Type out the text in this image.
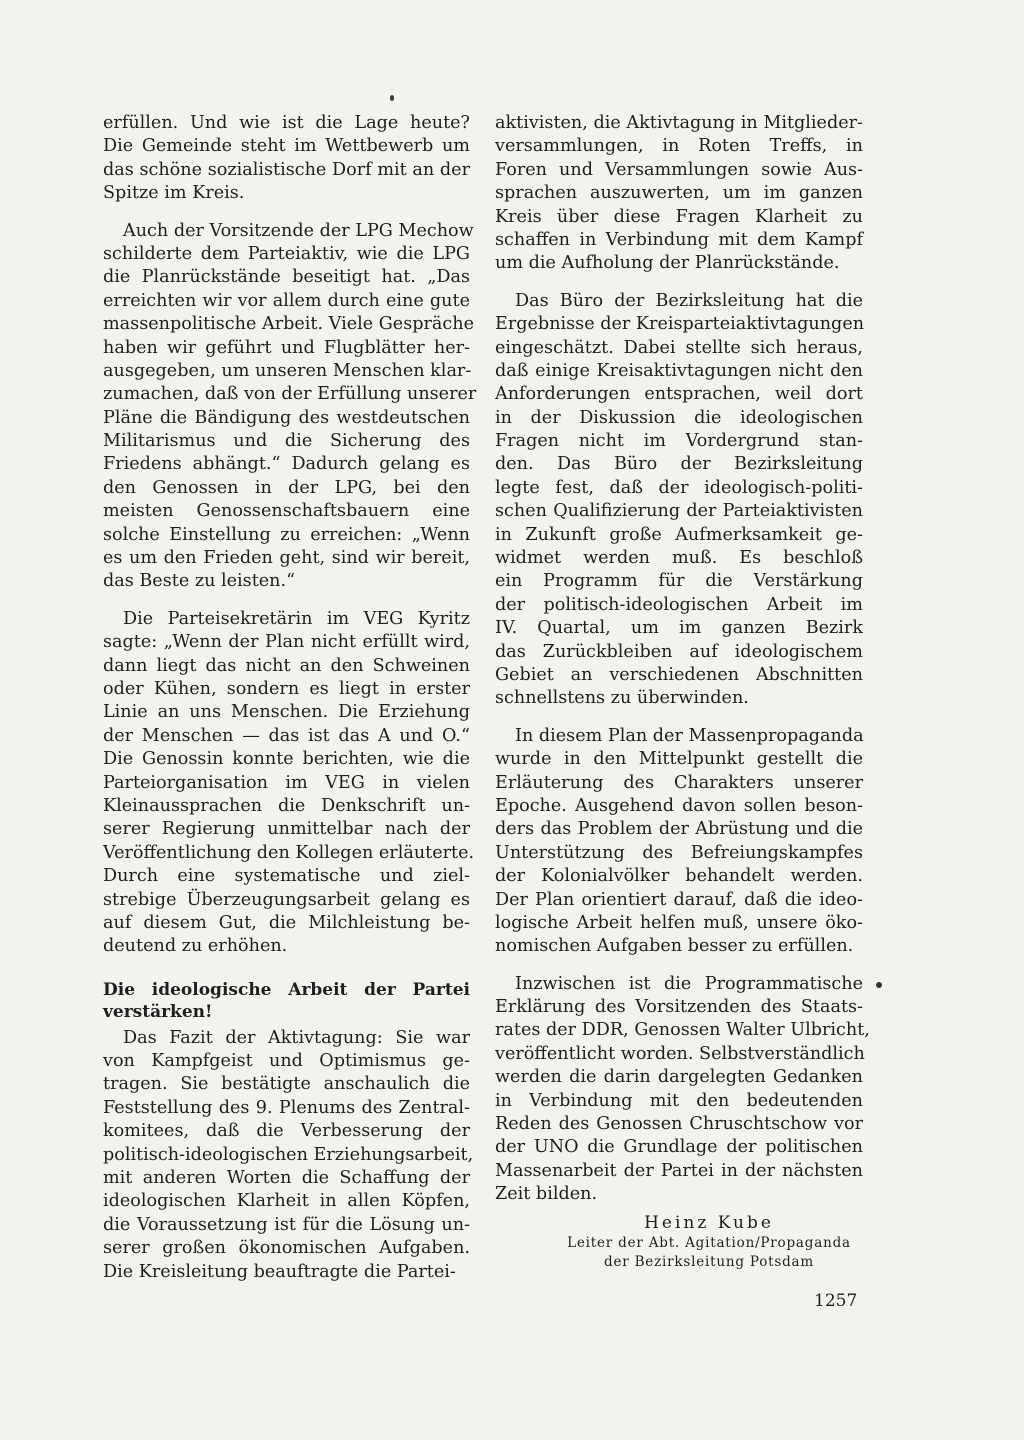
erfüllen. Und wie ist die Lage heute?
Die Gemeinde steht im Wettbewerb um
das schöne sozialistische Dorf mit an der
Spitze im Kreis.
Auch der Vorsitzende der LPG Mechow
schilderte dem Parteiaktiv, wie die LPG
die Planrückstände beseitigt hat. „Das
erreichten wir vor allem durch eine gute
massenpolitische Arbeit. Viele Gespräche
haben wir geführt und Flugblätter her-
ausgegeben, um unseren Menschen klar-
zumachen, daß von der Erfüllung unserer
Pläne die Bändigung des westdeutschen
Militarismus und die Sicherung des
Friedens abhängt.“ Dadurch gelang es
den Genossen in der LPG, bei den
meisten Genossenschaftsbauern eine
solche Einstellung zu erreichen: „Wenn
es um den Frieden geht, sind wir bereit,
das Beste zu leisten.“
Die Parteisekretärin im VEG Kyritz
sagte: „Wenn der Plan nicht erfüllt wird,
dann liegt das nicht an den Schweinen
oder Kühen, sondern es liegt in erster
Linie an uns Menschen. Die Erziehung
der Menschen — das ist das A und O.“
Die Genossin konnte berichten, wie die
Parteiorganisation im VEG in vielen
Kleinaussprachen die Denkschrift un-
serer Regierung unmittelbar nach der
Veröffentlichung den Kollegen erläuterte.
Durch eine systematische und ziel-
strebige Überzeugungsarbeit gelang es
auf diesem Gut, die Milchleistung be-
deutend zu erhöhen.
Die ideologische Arbeit der Partei
verstärken!
Das Fazit der Aktivtagung: Sie war
von Kampfgeist und Optimismus ge-
tragen. Sie bestätigte anschaulich die
Feststellung des 9. Plenums des Zentral-
komitees, daß die Verbesserung der
politisch-ideologischen Erziehungsarbeit,
mit anderen Worten die Schaffung der
ideologischen Klarheit in allen Köpfen,
die Voraussetzung ist für die Lösung un-
serer großen ökonomischen Aufgaben.
Die Kreisleitung beauftragte die Partei-
aktivisten, die Aktivtagung in Mitglieder-
versammlungen, in Roten Treffs, in
Foren und Versammlungen sowie Aus-
sprachen auszuwerten, um im ganzen
Kreis über diese Fragen Klarheit zu
schaffen in Verbindung mit dem Kampf
um die Aufholung der Planrückstände.
Das Büro der Bezirksleitung hat die
Ergebnisse der Kreisparteiaktivtagungen
eingeschätzt. Dabei stellte sich heraus,
daß einige Kreisaktivtagungen nicht den
Anforderungen entsprachen, weil dort
in der Diskussion die ideologischen
Fragen nicht im Vordergrund stan-
den. Das Büro der Bezirksleitung
legte fest, daß der ideologisch-politi-
schen Qualifizierung der Parteiaktivisten
in Zukunft große Aufmerksamkeit ge-
widmet werden muß. Es beschloß
ein Programm für die Verstärkung
der politisch-ideologischen Arbeit im
IV. Quartal, um im ganzen Bezirk
das Zurückbleiben auf ideologischem
Gebiet an verschiedenen Abschnitten
schnellstens zu überwinden.
In diesem Plan der Massenpropaganda
wurde in den Mittelpunkt gestellt die
Erläuterung des Charakters unserer
Epoche. Ausgehend davon sollen beson-
ders das Problem der Abrüstung und die
Unterstützung des Befreiungskampfes
der Kolonialvölker behandelt werden.
Der Plan orientiert darauf, daß die ideo-
logische Arbeit helfen muß, unsere öko-
nomischen Aufgaben besser zu erfüllen.
Inzwischen ist die Programmatische
Erklärung des Vorsitzenden des Staats-
rates der DDR, Genossen Walter Ulbricht,
veröffentlicht worden. Selbstverständlich
werden die darin dargelegten Gedanken
in Verbindung mit den bedeutenden
Reden des Genossen Chruschtschow vor
der UNO die Grundlage der politischen
Massenarbeit der Partei in der nächsten
Zeit bilden.
Heinz Kube
Leiter der Abt. Agitation/Propaganda
der Bezirksleitung Potsdam
1257
